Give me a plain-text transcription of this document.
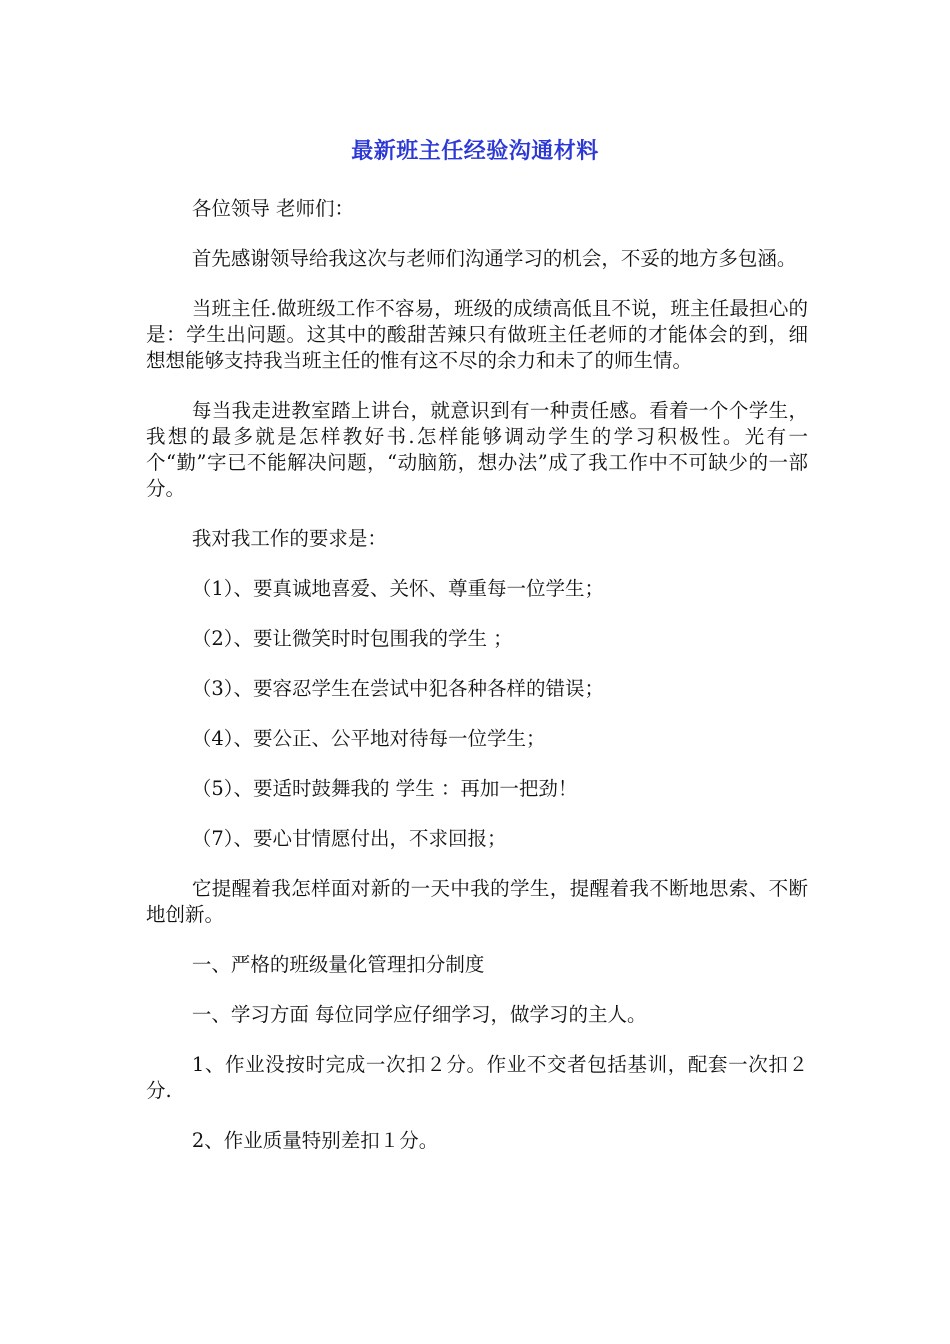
最新班主任经验沟通材料

各位领导 老师们：

首先感谢领导给我这次与老师们沟通学习的机会，不妥的地方多包涵。

当班主任.做班级工作不容易，班级的成绩高低且不说，班主任最担心的是：学生出问题。这其中的酸甜苦辣只有做班主任老师的才能体会的到，细想想能够支持我当班主任的惟有这不尽的余力和未了的师生情。

每当我走进教室踏上讲台，就意识到有一种责任感。看着一个个学生，我想的最多就是怎样教好书.怎样能够调动学生的学习积极性。光有一个“勤”字已不能解决问题，“动脑筋，想办法”成了我工作中不可缺少的一部分。

我对我工作的要求是：

（1）、要真诚地喜爱、关怀、尊重每一位学生；

（2）、要让微笑时时包围我的学生 ；

（3）、要容忍学生在尝试中犯各种各样的错误；

（4）、要公正、公平地对待每一位学生；

（5）、要适时鼓舞我的 学生 ：再加一把劲！

（7）、要心甘情愿付出，不求回报；

它提醒着我怎样面对新的一天中我的学生，提醒着我不断地思索、不断地创新。

一、严格的班级量化管理扣分制度

一、学习方面 每位同学应仔细学习，做学习的主人。

1、作业没按时完成一次扣２分。作业不交者包括基训，配套一次扣２分.

2、作业质量特别差扣１分。
